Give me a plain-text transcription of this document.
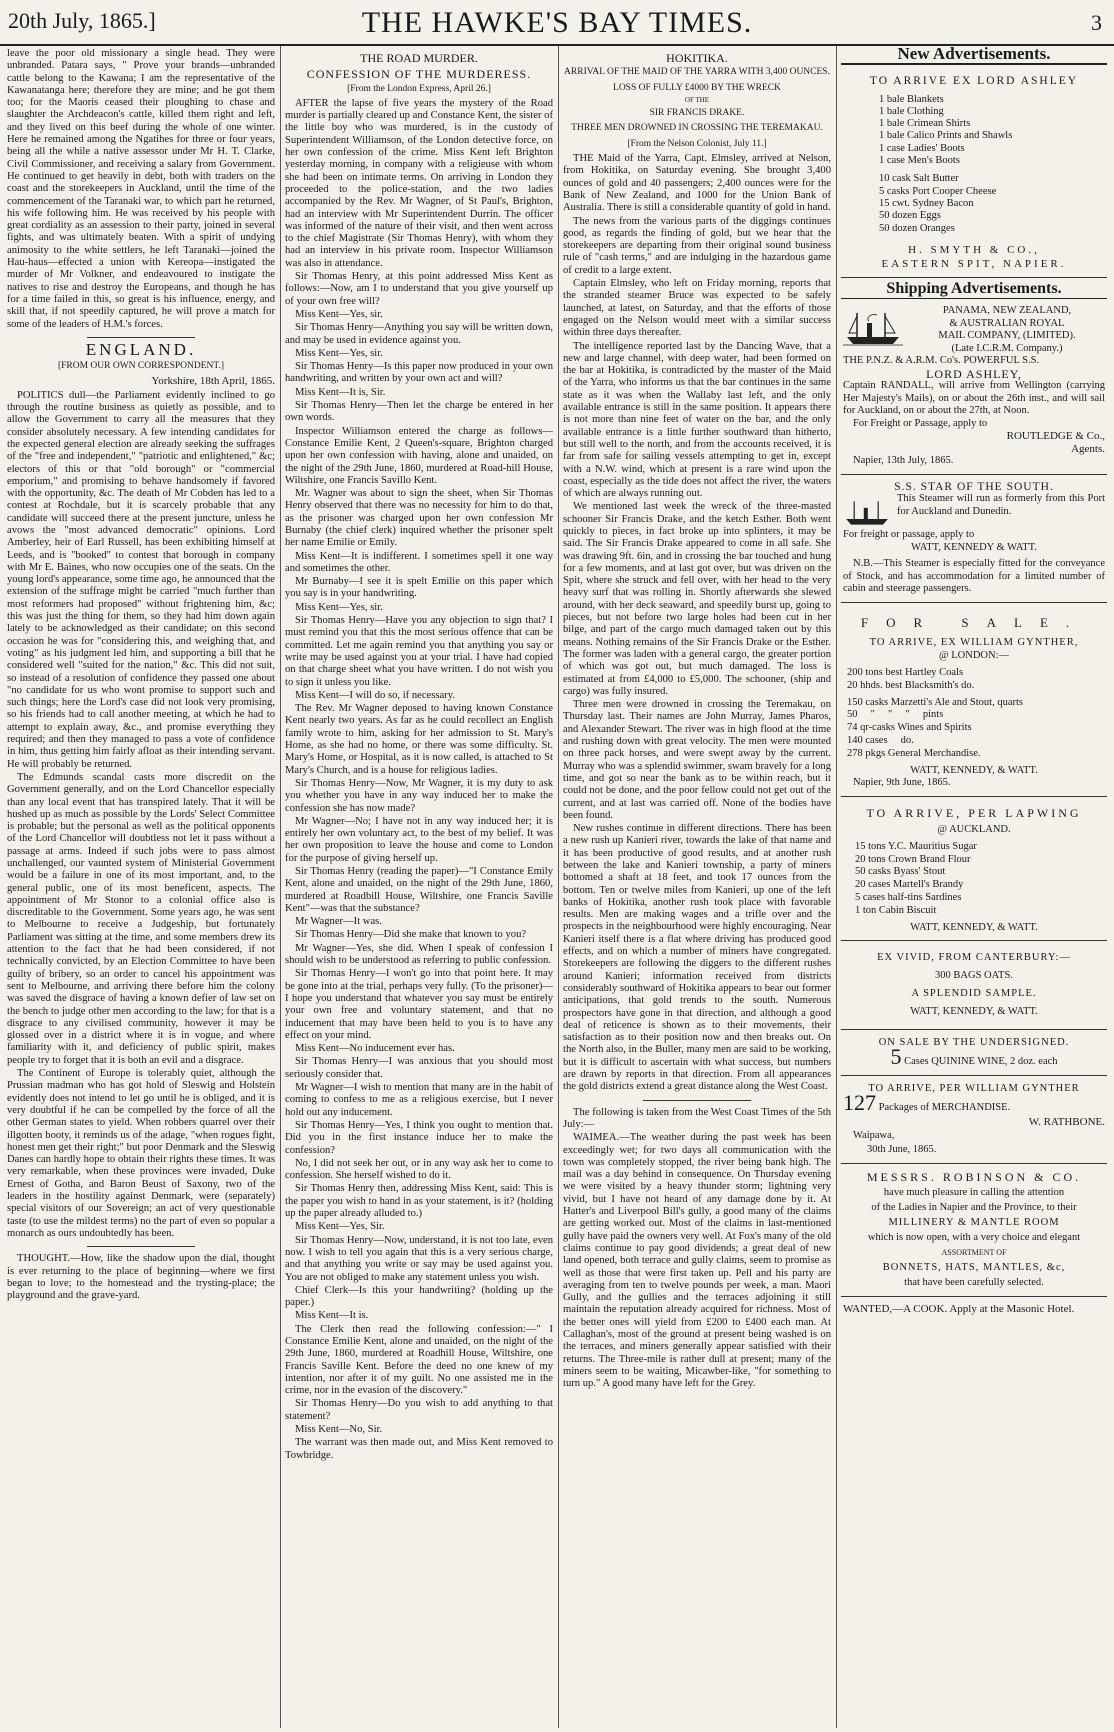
20th July, 1865.]	THE HAWKE'S BAY TIMES.	3

leave the poor old missionary a single head. They were unbranded. Patara says, " Prove your brands—unbranded cattle belong to the Kawana; I am the representative of the Kawanatanga here; therefore they are mine; and he got them too; for the Maoris ceased their ploughing to chase and slaughter the Archdeacon's cattle, killed them right and left, and they lived on this beef during the whole of one winter. Here he remained among the Ngatihes for three or four years, being all the while a native assessor under Mr H. T. Clarke, Civil Commissioner, and receiving a salary from Government. He continued to get heavily in debt, both with traders on the coast and the storekeepers in Auckland, until the time of the commencement of the Taranaki war, to which part he returned, his wife following him. He was received by his people with great cordiality as an assession to their party, joined in several fights, and was ultimately beaten. With a spirit of undying animosity to the white settlers, he left Taranaki—joined the Hau-haus—effected a union with Kereopa—instigated the murder of Mr Volkner, and endeavoured to instigate the natives to rise and destroy the Europeans, and though he has for a time failed in this, so great is his influence, energy, and skill that, if not speedily captured, he will prove a match for some of the leaders of H.M.'s forces.

ENGLAND.
[FROM OUR OWN CORRESPONDENT.]
Yorkshire, 18th April, 1865.

POLITICS dull—the Parliament evidently inclined to go through the routine business as quietly as possible, and to allow the Government to carry all the measures that they consider absolutely necessary. A few intending candidates for the expected general election are already seeking the suffrages of the "free and independent," "patriotic and enlightened," &c; electors of this or that "old borough" or "commercial emporium," and promising to behave handsomely if favored with the opportunity, &c. The death of Mr Cobden has led to a contest at Rochdale, but it is scarcely probable that any candidate will succeed there at the present juncture, unless he avows the "most advanced democratic" opinions. Lord Amberley, heir of Earl Russell, has been exhibiting himself at Leeds, and is "booked" to contest that borough in company with Mr E. Baines, who now occupies one of the seats. On the young lord's appearance, some time ago, he announced that the extension of the suffrage might be carried "much further than most reformers had proposed" without frightening him, &c; this was just the thing for them, so they had him down again lately to be acknowledged as their candidate; on this second occasion he was for "considering this, and weighing that, and voting" as his judgment led him, and supporting a bill that he considered well "suited for the nation," &c. This did not suit, so instead of a resolution of confidence they passed one about "no candidate for us who wont promise to support such and such things; here the Lord's case did not look very promising, so his friends had to call another meeting, at which he had to attempt to explain away, &c., and promise everything they required; and then they managed to pass a vote of confidence in him, thus getting him fairly afloat as their intending servant. He will probably be returned.

The Edmunds scandal casts more discredit on the Government generally, and on the Lord Chancellor especially than any local event that has transpired lately. That it will be hushed up as much as possible by the Lords' Select Committee is probable; but the personal as well as the political opponents of the Lord Chancellor will doubtless not let it pass without a passage at arms. Indeed if such jobs were to pass almost unchallenged, our vaunted system of Ministerial Government would be a failure in one of its most important, and, to the general public, one of its most beneficent, aspects. The appointment of Mr Stonor to a colonial office also is discreditable to the Government. Some years ago, he was sent to Melbourne to receive a Judgeship, but fortunately Parliament was sitting at the time, and some members drew its attention to the fact that he had been considered, if not technically convicted, by an Election Committee to have been guilty of bribery, so an order to cancel his appointment was sent to Melbourne, and arriving there before him the colony was saved the disgrace of having a known defier of law set on the bench to judge other men according to the law; for that is a disgrace to any civilised community, however it may be glossed over in a district where it is in vogue, and where familiarity with it, and deficiency of public spirit, makes people try to forget that it is both an evil and a disgrace.

The Continent of Europe is tolerably quiet, although the Prussian madman who has got hold of Sleswig and Holstein evidently does not intend to let go until he is obliged, and it is very doubtful if he can be compelled by the force of all the other German states to yield. When robbers quarrel over their illgotten booty, it reminds us of the adage, "when rogues fight, honest men get their right;" but poor Denmark and the Sleswig Danes can hardly hope to obtain their rights these times. It was very remarkable, when these provinces were invaded, Duke Ernest of Gotha, and Baron Beust of Saxony, two of the leaders in the hostility against Denmark, were (separately) special visitors of our Sovereign; an act of very questionable taste (to use the mildest terms) no the part of even so popular a monarch as ours undoubtedly has been.

THOUGHT.—How, like the shadow upon the dial, thought is ever returning to the place of beginning—where we first began to love; to the homestead and the trysting-place; the playground and the grave-yard.

THE ROAD MURDER.
CONFESSION OF THE MURDERESS.
[From the London Express, April 26.]

AFTER the lapse of five years the mystery of the Road murder is partially cleared up and Constance Kent, the sister of the little boy who was murdered, is in the custody of Superintendent Williamson, of the London detective force, on her own confession of the crime. Miss Kent left Brighton yesterday morning, in company with a religieuse with whom she had been on intimate terms. On arriving in London they proceeded to the police-station, and the two ladies accompanied by the Rev. Mr Wagner, of St Paul's, Brighton, had an interview with Mr Superintendent Durrin. The officer was informed of the nature of their visit, and then went across to the chief Magistrate (Sir Thomas Henry), with whom they had an interview in his private room. Inspector Williamson was also in attendance.

Sir Thomas Henry, at this point addressed Miss Kent as follows:—Now, am I to understand that you give yourself up of your own free will?

Miss Kent—Yes, sir.

Sir Thomas Henry—Anything you say will be written down, and may be used in evidence against you.

Miss Kent—Yes, sir.

Sir Thomas Henry—Is this paper now produced in your own handwriting, and written by your own act and will?

Miss Kent—It is, Sir.

Sir Thomas Henry—Then let the charge be entered in her own words.

Inspector Williamson entered the charge as follows—Constance Emilie Kent, 2 Queen's-square, Brighton charged upon her own confession with having, alone and unaided, on the night of the 29th June, 1860, murdered at Road-hill House, Wiltshire, one Francis Savillo Kent.

Mr. Wagner was about to sign the sheet, when Sir Thomas Henry observed that there was no necessity for him to do that, as the prisoner was charged upon her own confession Mr Burnaby (the chief clerk) inquired whether the prisoner spelt her name Emilie or Emily.

Miss Kent—It is indifferent. I sometimes spell it one way and sometimes the other.

Mr Burnaby—I see it is spelt Emilie on this paper which you say is in your handwriting.

Miss Kent—Yes, sir.

Sir Thomas Henry—Have you any objection to sign that? I must remind you that this the most serious offence that can be committed. Let me again remind you that anything you say or write may be used against you at your trial. I have had copied on that charge sheet what you have written. I do not wish you to sign it unless you like.

Miss Kent—I will do so, if necessary.

The Rev. Mr Wagner deposed to having known Constance Kent nearly two years. As far as he could recollect an English family wrote to him, asking for her admission to St. Mary's Home, as she had no home, or there was some difficulty. St. Mary's Home, or Hospital, as it is now called, is attached to St Mary's Church, and is a house for religious ladies.

Sir Thomas Henry—Now, Mr Wagner, it is my duty to ask you whether you have in any way induced her to make the confession she has now made?

Mr Wagner—No; I have not in any way induced her; it is entirely her own voluntary act, to the best of my belief. It was her own proposition to leave the house and come to London for the purpose of giving herself up.

Sir Thomas Henry (reading the paper)—"I Constance Emily Kent, alone and unaided, on the night of the 29th June, 1860, murdered at Roadbill House, Wiltshire, one Francis Saville Kent"—was that the substance?

Mr Wagner—It was.

Sir Thomas Henry—Did she make that known to you?

Mr Wagner—Yes, she did. When I speak of confession I should wish to be understood as referring to public confession.

Sir Thomas Henry—I won't go into that point here. It may be gone into at the trial, perhaps very fully. (To the prisoner)—I hope you understand that whatever you say must be entirely your own free and voluntary statement, and that no inducement that may have been held to you is to have any effect on your mind.

Miss Kent—No inducement ever has.

Sir Thomas Henry—I was anxious that you should most seriously consider that.

Mr Wagner—I wish to mention that many are in the habit of coming to confess to me as a religious exercise, but I never hold out any inducement.

Sir Thomas Henry—Yes, I think you ought to mention that. Did you in the first instance induce her to make the confession?

No, I did not seek her out, or in any way ask her to come to confession. She herself wished to do it.

Sir Thomas Henry then, addressing Miss Kent, said: This is the paper you wish to hand in as your statement, is it? (holding up the paper already alluded to.)

Miss Kent—Yes, Sir.

Sir Thomas Henry—Now, understand, it is not too late, even now. I wish to tell you again that this is a very serious charge, and that anything you write or say may be used against you. You are not obliged to make any statement unless you wish.

Chief Clerk—Is this your handwriting? (holding up the paper.)

Miss Kent—It is.

The Clerk then read the following confession:—" I Constance Emilie Kent, alone and unaided, on the night of the 29th June, 1860, murdered at Roadhill House, Wiltshire, one Francis Saville Kent. Before the deed no one knew of my intention, nor after it of my guilt. No one assisted me in the crime, nor in the evasion of the discovery."

Sir Thomas Henry—Do you wish to add anything to that statement?

Miss Kent—No, Sir.

The warrant was then made out, and Miss Kent removed to Towbridge.

HOKITIKA.
ARRIVAL OF THE MAID OF THE YARRA WITH 3,400 OUNCES.
LOSS OF FULLY £4000 BY THE WRECK
OF THE
SIR FRANCIS DRAKE.
THREE MEN DROWNED IN CROSSING THE TEREMAKAU.
[From the Nelson Colonist, July 11.]

THE Maid of the Yarra, Capt. Elmsley, arrived at Nelson, from Hokitika, on Saturday evening. She brought 3,400 ounces of gold and 40 passengers; 2,400 ounces were for the Bank of New Zealand, and 1000 for the Union Bank of Australia. There is still a considerable quantity of gold in hand.

The news from the various parts of the diggings continues good, as regards the finding of gold, but we hear that the storekeepers are departing from their original sound business rule of "cash terms," and are indulging in the hazardous game of credit to a large extent.

Captain Elmsley, who left on Friday morning, reports that the stranded steamer Bruce was expected to be safely launched, at latest, on Saturday, and that the efforts of those engaged on the Nelson would meet with a similar success within three days thereafter.

The intelligence reported last by the Dancing Wave, that a new and large channel, with deep water, had been formed on the bar at Hokitika, is contradicted by the master of the Maid of the Yarra, who informs us that the bar continues in the same state as it was when the Wallaby last left, and the only available entrance is still in the same position. It appears there is not more than nine feet of water on the bar, and the only available entrance is a little further southward than hitherto, but still well to the north, and from the accounts received, it is far from safe for sailing vessels attempting to get in, except with a N.W. wind, which at present is a rare wind upon the coast, especially as the tide does not affect the river, the waters of which are always running out.

We mentioned last week the wreck of the three-masted schooner Sir Francis Drake, and the ketch Esther. Both went quickly to pieces, in fact broke up into splinters, it may be said. The Sir Francis Drake appeared to come in all safe. She was drawing 9ft. 6in, and in crossing the bar touched and hung for a few moments, and at last got over, but was driven on the Spit, where she struck and fell over, with her head to the very heavy surf that was rolling in. Shortly afterwards she slewed around, with her deck seaward, and speedily burst up, going to pieces, but not before two large holes had been cut in her bilge, and part of the cargo much damaged taken out by this means. Nothing remains of the Sir Francis Drake or the Esther. The former was laden with a general cargo, the greater portion of which was got out, but much damaged. The loss is estimated at from £4,000 to £5,000. The schooner, (ship and cargo) was fully insured.

Three men were drowned in crossing the Teremakau, on Thursday last. Their names are John Murray, James Pharos, and Alexander Stewart. The river was in high flood at the time and rushing down with great velocity. The men were mounted on three pack horses, and were swept away by the current. Murray who was a splendid swimmer, swam bravely for a long time, and got so near the bank as to be within reach, but it could not be done, and the poor fellow could not get out of the current, and at last was carried off. None of the bodies have been found.

New rushes continue in different directions. There has been a new rush up Kanieri river, towards the lake of that name and it has been productive of good results, and at another rush between the lake and Kanieri township, a party of miners bottomed a shaft at 18 feet, and took 17 ounces from the bottom. Ten or twelve miles from Kanieri, up one of the left banks of Hokitika, another rush took place with favorable results. Men are making wages and a trifle over and the prospects in the neighbourhood were highly encouraging. Near Kanieri itself there is a flat where driving has produced good effects, and on which a number of miners have congregated. Storekeepers are following the diggers to the different rushes around Kanieri; information received from districts considerably southward of Hokitika appears to bear out former anticipations, that gold trends to the south. Numerous prospectors have gone in that direction, and although a good deal of reticence is shown as to their movements, their satisfaction as to their position now and then breaks out. On the North also, in the Buller, many men are said to be working, but it is difficult to ascertain with what success, but numbers are drawn by reports in that direction. From all appearances the gold districts extend a great distance along the West Coast.

The following is taken from the West Coast Times of the 5th July:—

WAIMEA.—The weather during the past week has been exceedingly wet; for two days all communication with the town was completely stopped, the river being bank high. The mail was a day behind in consequence. On Thursday evening we were visited by a heavy thunder storm; lightning very vivid, but I have not heard of any damage done by it. At Hatter's and Liverpool Bill's gully, a good many of the claims are getting worked out. Most of the claims in last-mentioned gully have paid the owners very well. At Fox's many of the old claims continue to pay good dividends; a great deal of new land opened, both terrace and gully claims, seem to promise as well as those that were first taken up. Pell and his party are averaging from ten to twelve pounds per week, a man. Maori Gully, and the gullies and the terraces adjoining it still maintain the reputation already acquired for richness. Most of the better ones will yield from £200 to £400 each man. At Callaghan's, most of the ground at present being washed is on the terraces, and miners generally appear satisfied with their returns. The Three-mile is rather dull at present; many of the miners seem to be waiting, Micawber-like, "for something to turn up." A good many have left for the Grey.

New Advertisements.
TO ARRIVE EX LORD ASHLEY
1 bale Blankets
1 bale Clothing
1 bale Crimean Shirts
1 bale Calico Prints and Shawls
1 case Ladies' Boots
1 case Men's Boots
10 cask Salt Butter
5 casks Port Cooper Cheese
15 cwt. Sydney Bacon
50 dozen Eggs
50 dozen Oranges
H. SMYTH & CO.,
EASTERN SPIT, NAPIER.
Shipping Advertisements.
PANAMA, NEW ZEALAND,
& AUSTRALIAN ROYAL
MAIL COMPANY, (LIMITED).
(Late I.C.R.M. Company.)
THE P.N.Z. & A.R.M. Co's. POWERFUL S.S.
LORD ASHLEY,
Captain RANDALL, will arrive from Wellington (carrying Her Majesty's Mails), on or about the 26th inst., and will sail for Auckland, on or about the 27th, at Noon.
For Freight or Passage, apply to
ROUTLEDGE & Co.,
Agents.
Napier, 13th July, 1865.
S.S. STAR OF THE SOUTH.
This Steamer will run as formerly from this Port for Auckland and Dunedin.
For freight or passage, apply to
WATT, KENNEDY & WATT.
N.B.—This Steamer is especially fitted for the conveyance of Stock, and has accommodation for a limited number of cabin and steerage passengers.
FOR SALE.
TO ARRIVE, EX WILLIAM GYNTHER,
@ LONDON:—
200 tons best Hartley Coals
20 hhds. best Blacksmith's do.
150 casks Marzetti's Ale and Stout, quarts
50     "     "     "     pints
74 qr-casks Wines and Spirits
140 cases     do.
278 pkgs General Merchandise.
WATT, KENNEDY, & WATT.
Napier, 9th June, 1865.
TO ARRIVE, PER LAPWING
@ AUCKLAND.
15 tons Y.C. Mauritius Sugar
20 tons Crown Brand Flour
50 casks Byass' Stout
20 cases Martell's Brandy
5 cases half-tins Sardines
1 ton Cabin Biscuit
WATT, KENNEDY, & WATT.
EX VIVID, FROM CANTERBURY:—
300 BAGS OATS.
A SPLENDID SAMPLE.
WATT, KENNEDY, & WATT.
ON SALE BY THE UNDERSIGNED.
5 Cases QUININE WINE, 2 doz. each
TO ARRIVE, PER WILLIAM GYNTHER
127 Packages of MERCHANDISE.
W. RATHBONE.
Waipawa,
30th June, 1865.
MESSRS. ROBINSON & CO.
have much pleasure in calling the attention
of the Ladies in Napier and the Province, to their
MILLINERY & MANTLE ROOM
which is now open, with a very choice and elegant
ASSORTMENT OF
BONNETS, HATS, MANTLES, &c,
that have been carefully selected.
WANTED,—A COOK. Apply at the Masonic Hotel.
